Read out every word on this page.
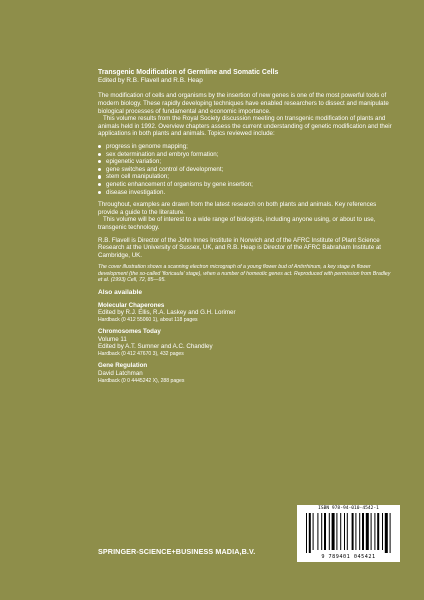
Transgenic Modification of Germline and Somatic Cells
Edited by R.B. Flavell and R.B. Heap

The modification of cells and organisms by the insertion of new genes is one of the most powerful tools of modern biology. These rapidly developing techniques have enabled researchers to dissect and manipulate biological processes of fundamental and economic importance.

This volume results from the Royal Society discussion meeting on transgenic modification of plants and animals held in 1992. Overview chapters assess the current understanding of genetic modification and their applications in both plants and animals. Topics reviewed include:

progress in genome mapping;
sex determination and embryo formation;
epigenetic variation;
gene switches and control of development;
stem cell manipulation;
genetic enhancement of organisms by gene insertion;
disease investigation.

Throughout, examples are drawn from the latest research on both plants and animals. Key references provide a guide to the literature.

This volume will be of interest to a wide range of biologists, including anyone using, or about to use, transgenic technology.

R.B. Flavell is Director of the John Innes Institute in Norwich and of the AFRC Institute of Plant Science Research at the University of Sussex, UK, and R.B. Heap is Director of the AFRC Babraham Institute at Cambridge, UK.

The cover illustration shows a scanning electron micrograph of a young flower bud of Antirrhinum, a key stage in flower development (the so-called 'floricaula' stage), when a number of homeotic genes act. Reproduced with permission from Bradley et al. (1993) Cell, 72, 85—95.

Also available
Molecular Chaperones
Edited by R.J. Ellis, R.A. Laskey and G.H. Lorimer
Hardback (0 412 55060 1), about 118 pages
Chromosomes Today
Volume 11
Edited by A.T. Sumner and A.C. Chandley
Hardback (0 412 47670 3), 432 pages
Gene Regulation
David Latchman
Hardback (0 0 4445242 X), 288 pages
SPRINGER-SCIENCE+BUSINESS MADIA,B.V.
ISBN 978-94-010-4542-1
9 789401 045421
